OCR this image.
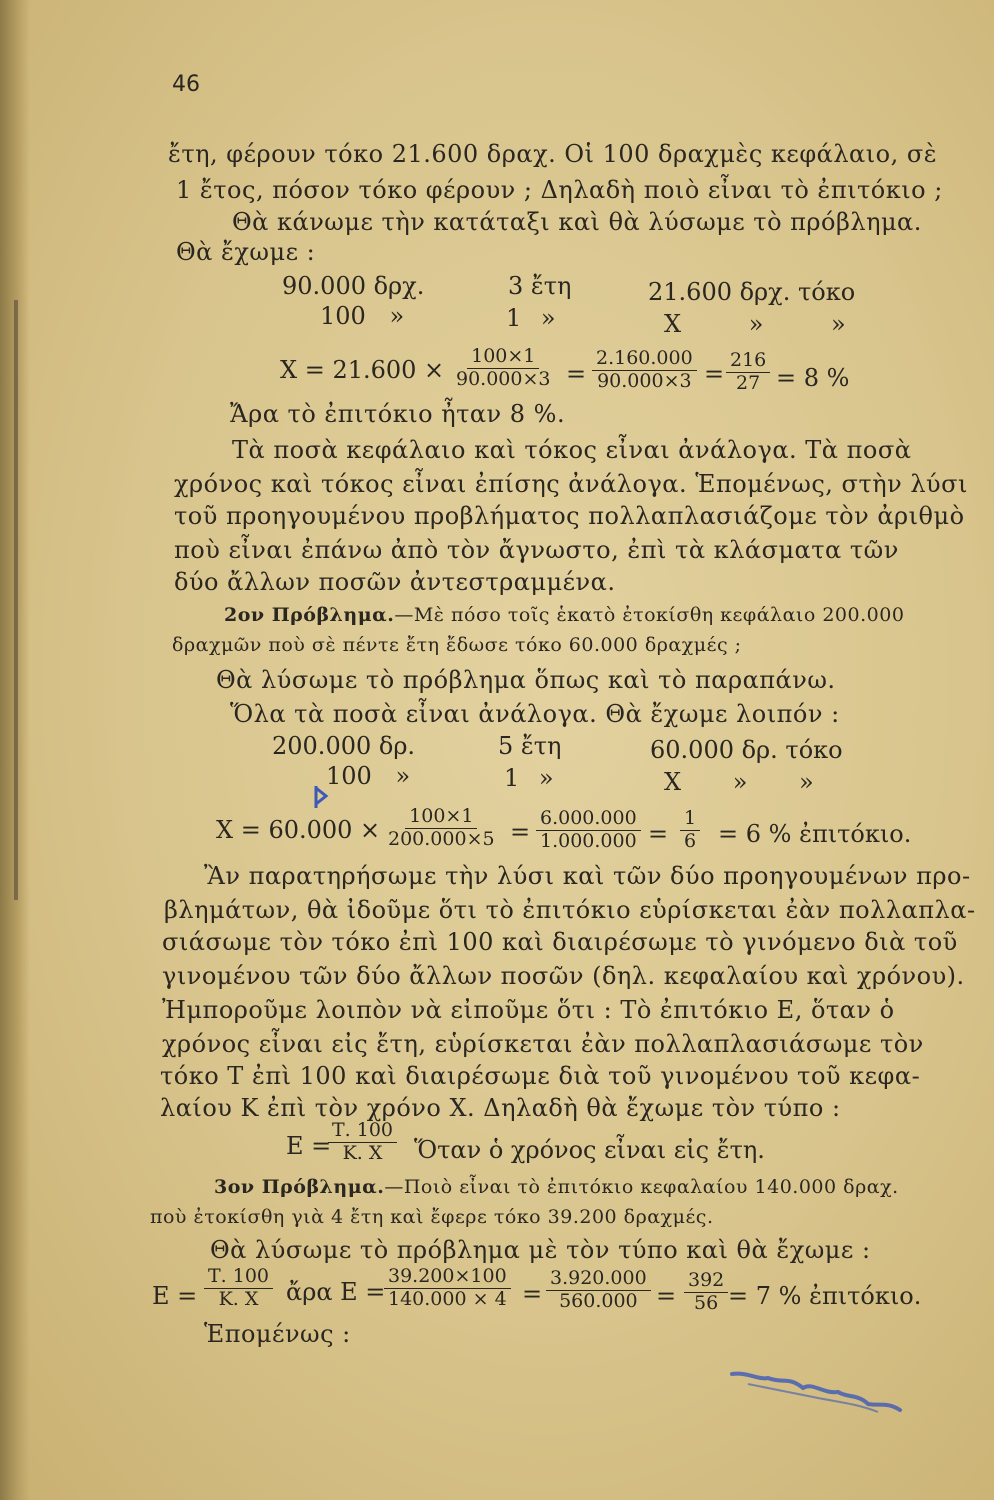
46
ἔτη, φέρουν τόκο 21.600 δραχ. Οἱ 100 δραχμὲς κεφάλαιο, σὲ
1 ἔτος, πόσον τόκο φέρουν ; Δηλαδὴ ποιὸ εἶναι τὸ ἐπιτόκιο ;
Θὰ κάνωμε τὴν κατάταξι καὶ θὰ λύσωμε τὸ πρόβλημα.
Θὰ ἔχωμε :
90.000 δρχ.	3 ἔτη	21.600 δρχ. τόκο
100 »	1 »	Χ » »
$X = 21.600 \times \frac{100\times 1}{90.000\times 3} = \frac{2.160.000}{90.000\times 3} = \frac{216}{27} = 8$ %
Ἄρα τὸ ἐπιτόκιο ἦταν 8 %.
Τὰ ποσὰ κεφάλαιο καὶ τόκος εἶναι ἀνάλογα. Τὰ ποσὰ
χρόνος καὶ τόκος εἶναι ἐπίσης ἀνάλογα. Ἑπομένως, στὴν λύσι
τοῦ προηγουμένου προβλήματος πολλαπλασιάζομε τὸν ἀριθμὸ
ποὺ εἶναι ἐπάνω ἀπὸ τὸν ἄγνωστο, ἐπὶ τὰ κλάσματα τῶν
δύο ἄλλων ποσῶν ἀντεστραμμένα.
2ον Πρόβλημα. —Μὲ πόσο τοῖς ἑκατὸ ἐτοκίσθη κεφάλαιο 200.000
δραχμῶν ποὺ σὲ πέντε ἔτη ἔδωσε τόκο 60.000 δραχμές ;
Θὰ λύσωμε τὸ πρόβλημα ὅπως καὶ τὸ παραπάνω.
Ὅλα τὰ ποσὰ εἶναι ἀνάλογα. Θὰ ἔχωμε λοιπόν :
200.000 δρ.	5 ἔτη	60.000 δρ. τόκο
100 »	1 »	Χ » »
$X = 60.000 \times \frac{100\times 1}{200.000\times 5} = \frac{6.000.000}{1.000.000} = \frac{1}{6} = 6$ % ἐπιτόκιο.
Ἂν παρατηρήσωμε τὴν λύσι καὶ τῶν δύο προηγουμένων προ-
βλημάτων, θὰ ἰδοῦμε ὅτι τὸ ἐπιτόκιο εὑρίσκεται ἐὰν πολλαπλα-
σιάσωμε τὸν τόκο ἐπὶ 100 καὶ διαιρέσωμε τὸ γινόμενο διὰ τοῦ
γινομένου τῶν δύο ἄλλων ποσῶν (δηλ. κεφαλαίου καὶ χρόνου).
Ἠμποροῦμε λοιπὸν νὰ εἰποῦμε ὅτι : Τὸ ἐπιτόκιο Ε, ὅταν ὁ
χρόνος εἶναι εἰς ἔτη, εὑρίσκεται ἐὰν πολλαπλασιάσωμε τὸν
τόκο Τ ἐπὶ 100 καὶ διαιρέσωμε διὰ τοῦ γινομένου τοῦ κεφα-
λαίου Κ ἐπὶ τὸν χρόνο Χ. Δηλαδὴ θὰ ἔχωμε τὸν τύπο :
Ε =
$\frac{T. 100}{K. X}$ Ὅταν ὁ χρόνος εἶναι εἰς ἔτη.
3ον Πρόβλημα. —Ποιὸ εἶναι τὸ ἐπιτόκιο κεφαλαίου 140.000 δραχ.
ποὺ ἐτοκίσθη γιὰ 4 ἔτη καὶ ἔφερε τόκο 39.200 δραχμές.
Θὰ λύσωμε τὸ πρόβλημα μὲ τὸν τύπο καὶ θὰ ἔχωμε :
$E = \frac{T. 100}{K. X}$ ἄρα Ε =
$\frac{39.200\times 100}{140.000 \times 4} = \frac{3.920.000}{560.000} = \frac{392}{56} = 7$ % ἐπιτόκιο.
Ἑπομένως :
